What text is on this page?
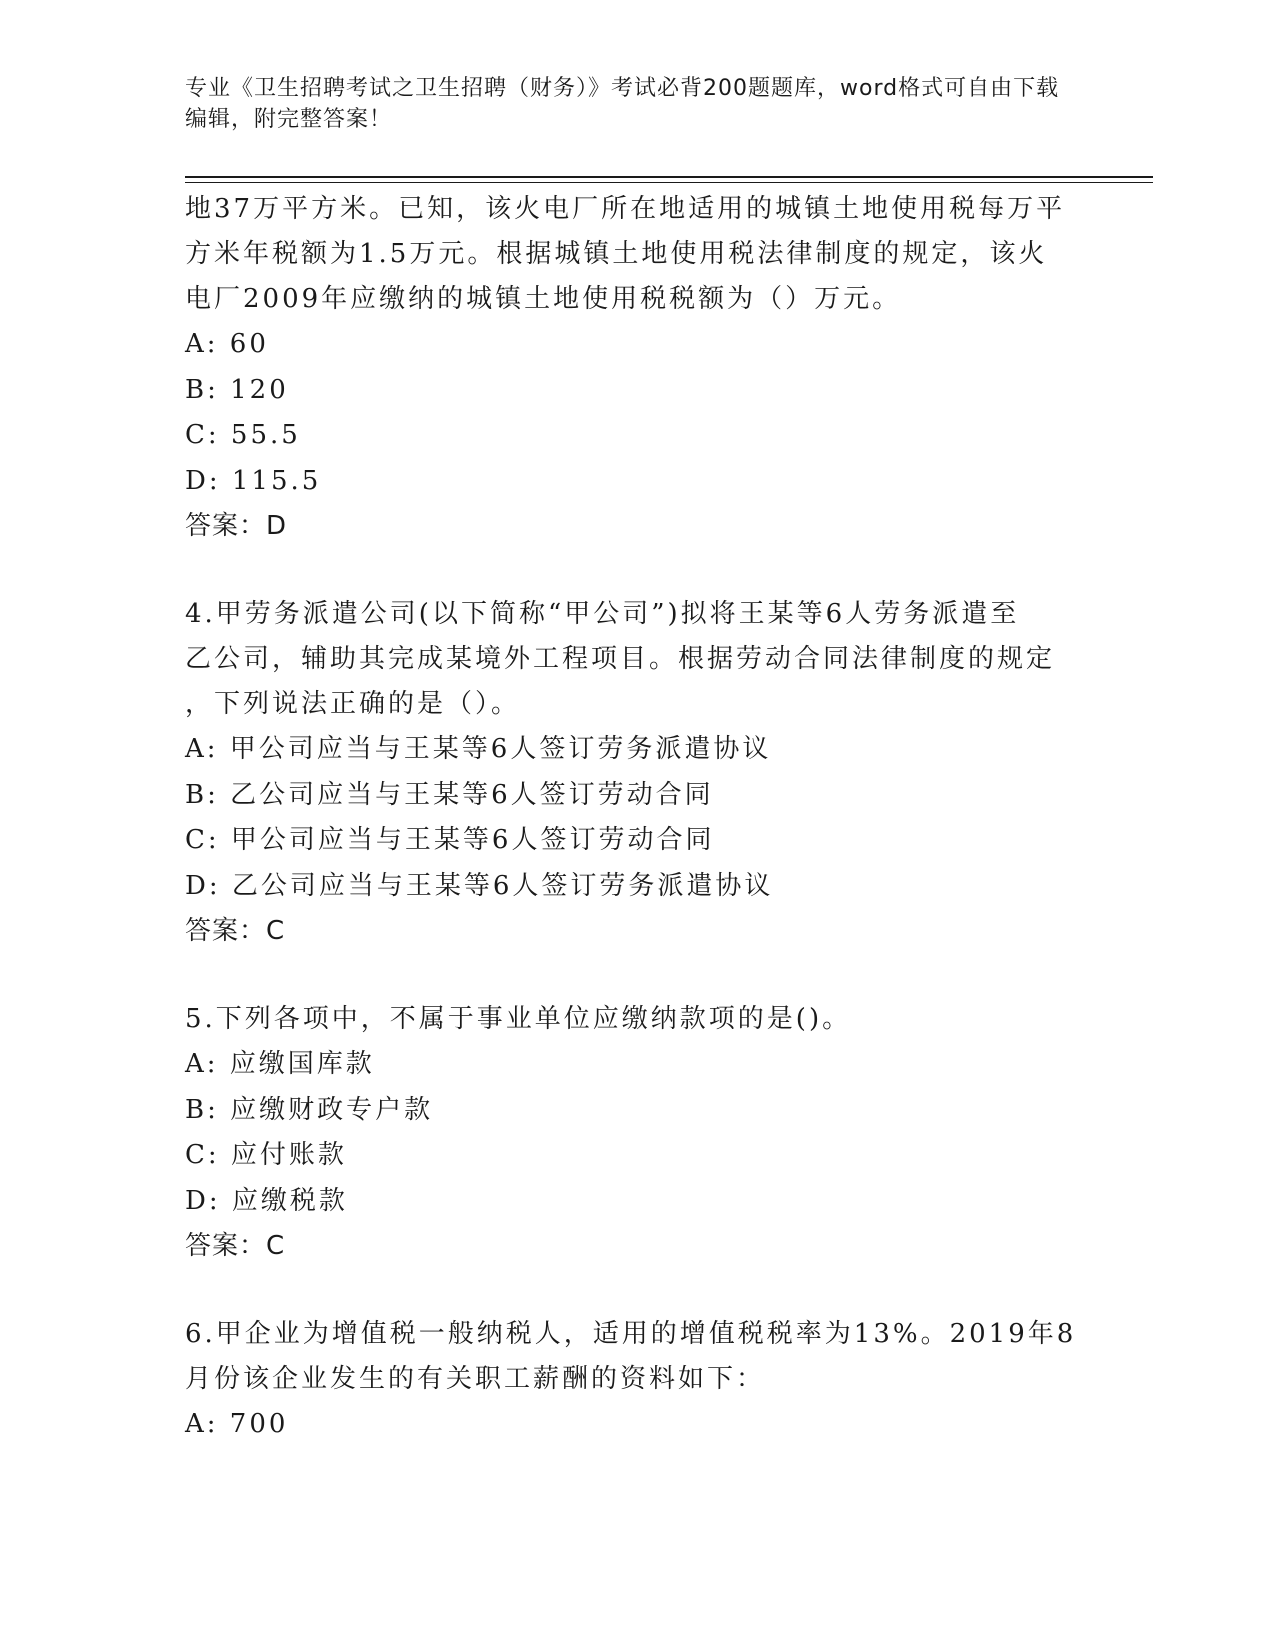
专业《卫生招聘考试之卫生招聘（财务）》考试必背200题题库，word格式可自由下载编辑，附完整答案！

地37万平方米。已知，该火电厂所在地适用的城镇土地使用税每万平

方米年税额为1.5万元。根据城镇土地使用税法律制度的规定，该火

电厂2009年应缴纳的城镇土地使用税税额为（）万元。

A: 60

B: 120

C: 55.5

D: 115.5

答案：D

4.甲劳务派遣公司(以下简称“甲公司”)拟将王某等6人劳务派遣至

乙公司，辅助其完成某境外工程项目。根据劳动合同法律制度的规定

，下列说法正确的是（）。

A: 甲公司应当与王某等6人签订劳务派遣协议

B: 乙公司应当与王某等6人签订劳动合同

C: 甲公司应当与王某等6人签订劳动合同

D: 乙公司应当与王某等6人签订劳务派遣协议

答案：C

5.下列各项中，不属于事业单位应缴纳款项的是()。

A: 应缴国库款

B: 应缴财政专户款

C: 应付账款

D: 应缴税款

答案：C

6.甲企业为增值税一般纳税人，适用的增值税税率为13%。2019年8

月份该企业发生的有关职工薪酬的资料如下：

A: 700
